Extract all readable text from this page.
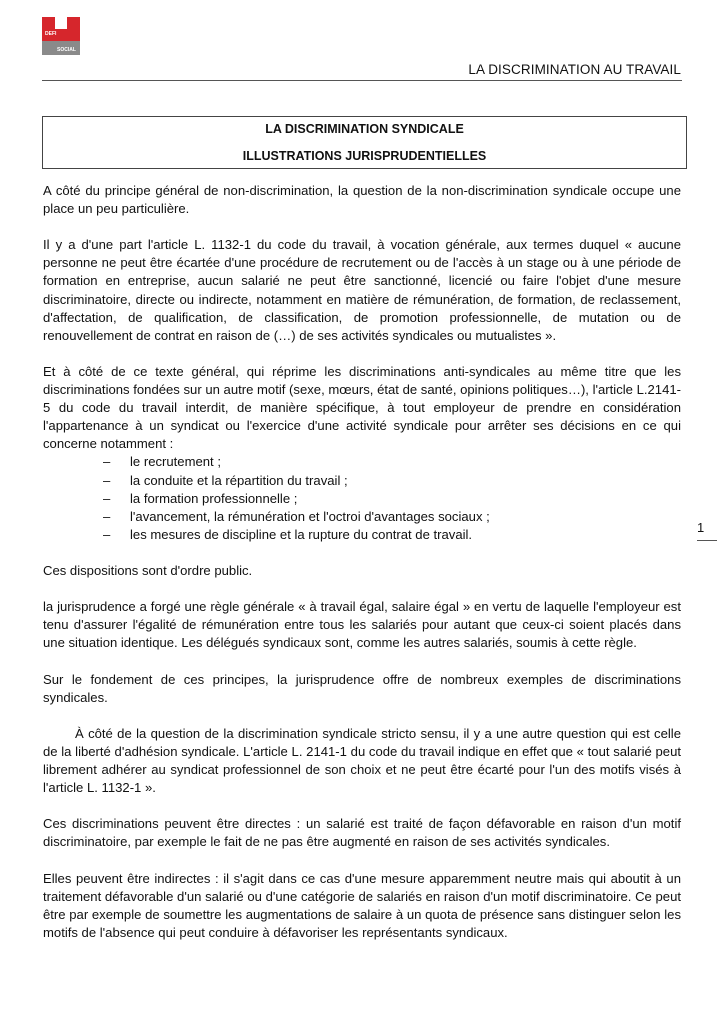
DEFI
SOCIAL
LA DISCRIMINATION AU TRAVAIL
LA DISCRIMINATION SYNDICALE
ILLUSTRATIONS JURISPRUDENTIELLES

A côté du principe général de non-discrimination, la question de la non-discrimination syndicale occupe une place un peu particulière.

Il y a d'une part l'article L. 1132-1 du code du travail, à vocation générale, aux termes duquel « aucune personne ne peut être écartée d'une procédure de recrutement ou de l'accès à un stage ou à une période de formation en entreprise, aucun salarié ne peut être sanctionné, licencié ou faire l'objet d'une mesure discriminatoire, directe ou indirecte, notamment en matière de rémunération, de formation, de reclassement, d'affectation, de qualification, de classification, de promotion professionnelle, de mutation ou de renouvellement de contrat en raison de (…) de ses activités syndicales ou mutualistes ».

Et à côté de ce texte général, qui réprime les discriminations anti-syndicales au même titre que les discriminations fondées sur un autre motif (sexe, mœurs, état de santé, opinions politiques…), l'article L.2141-5 du code du travail interdit, de manière spécifique, à tout employeur de prendre en considération l'appartenance à un syndicat ou l'exercice d'une activité syndicale pour arrêter ses décisions en ce qui concerne notamment :

– le recrutement ;
– la conduite et la répartition du travail ;
– la formation professionnelle ;
– l'avancement, la rémunération et l'octroi d'avantages sociaux ;
– les mesures de discipline et la rupture du contrat de travail.

Ces dispositions sont d'ordre public.

la jurisprudence a forgé une règle générale « à travail égal, salaire égal » en vertu de laquelle l'employeur est tenu d'assurer l'égalité de rémunération entre tous les salariés pour autant que ceux-ci soient placés dans une situation identique. Les délégués syndicaux sont, comme les autres salariés, soumis à cette règle.

Sur le fondement de ces principes, la jurisprudence offre de nombreux exemples de discriminations syndicales.

À côté de la question de la discrimination syndicale stricto sensu, il y a une autre question qui est celle de la liberté d'adhésion syndicale. L'article L. 2141-1 du code du travail indique en effet que « tout salarié peut librement adhérer au syndicat professionnel de son choix et ne peut être écarté pour l'un des motifs visés à l'article L. 1132-1 ».

Ces discriminations peuvent être directes : un salarié est traité de façon défavorable en raison d'un motif discriminatoire, par exemple le fait de ne pas être augmenté en raison de ses activités syndicales.

Elles peuvent être indirectes : il s'agit dans ce cas d'une mesure apparemment neutre mais qui aboutit à un traitement défavorable d'un salarié ou d'une catégorie de salariés en raison d'un motif discriminatoire. Ce peut être par exemple de soumettre les augmentations de salaire à un quota de présence sans distinguer selon les motifs de l'absence qui peut conduire à défavoriser les représentants syndicaux.

1
